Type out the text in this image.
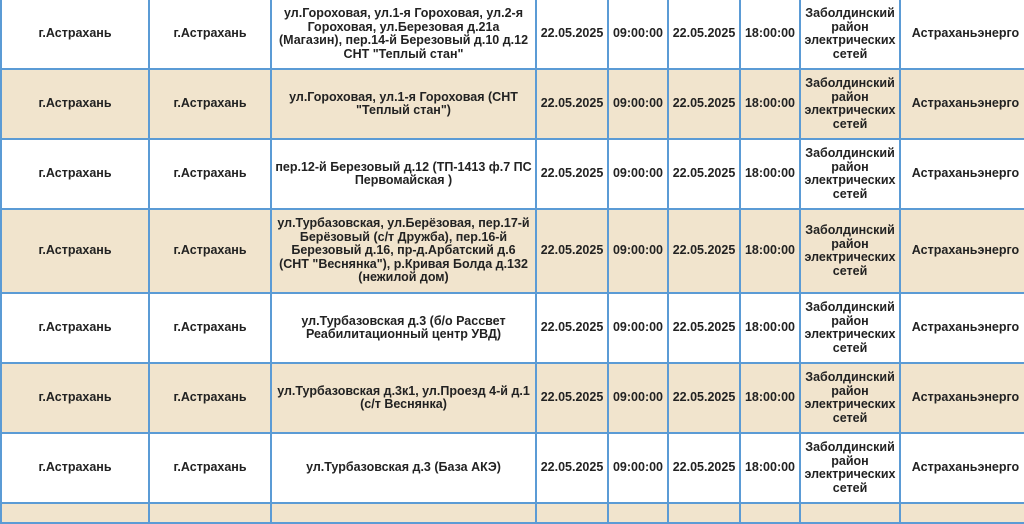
г.Астрахань	г.Астрахань	ул.Гороховая, ул.1-я Гороховая, ул.2-я Гороховая, ул.Березовая д.21а (Магазин), пер.14-й Березовый д.10 д.12 СНТ "Теплый стан"	22.05.2025	09:00:00	22.05.2025	18:00:00	Заболдинский район электрических сетей	Астраханьэнерго
г.Астрахань	г.Астрахань	ул.Гороховая, ул.1-я Гороховая (СНТ "Теплый стан")	22.05.2025	09:00:00	22.05.2025	18:00:00	Заболдинский район электрических сетей	Астраханьэнерго
г.Астрахань	г.Астрахань	пер.12-й Березовый д.12 (ТП-1413 ф.7 ПС Первомайская )	22.05.2025	09:00:00	22.05.2025	18:00:00	Заболдинский район электрических сетей	Астраханьэнерго
г.Астрахань	г.Астрахань	ул.Турбазовская, ул.Берёзовая, пер.17-й Берёзовый (с/т Дружба), пер.16-й Березовый д.16, пр-д.Арбатский д.6 (СНТ "Веснянка"), р.Кривая Болда д.132 (нежилой дом)	22.05.2025	09:00:00	22.05.2025	18:00:00	Заболдинский район электрических сетей	Астраханьэнерго
г.Астрахань	г.Астрахань	ул.Турбазовская д.3 (б/о Рассвет Реабилитационный центр УВД)	22.05.2025	09:00:00	22.05.2025	18:00:00	Заболдинский район электрических сетей	Астраханьэнерго
г.Астрахань	г.Астрахань	ул.Турбазовская д.3к1, ул.Проезд 4-й д.1 (с/т Веснянка)	22.05.2025	09:00:00	22.05.2025	18:00:00	Заболдинский район электрических сетей	Астраханьэнерго
г.Астрахань	г.Астрахань	ул.Турбазовская д.3 (База АКЭ)	22.05.2025	09:00:00	22.05.2025	18:00:00	Заболдинский район электрических сетей	Астраханьэнерго
